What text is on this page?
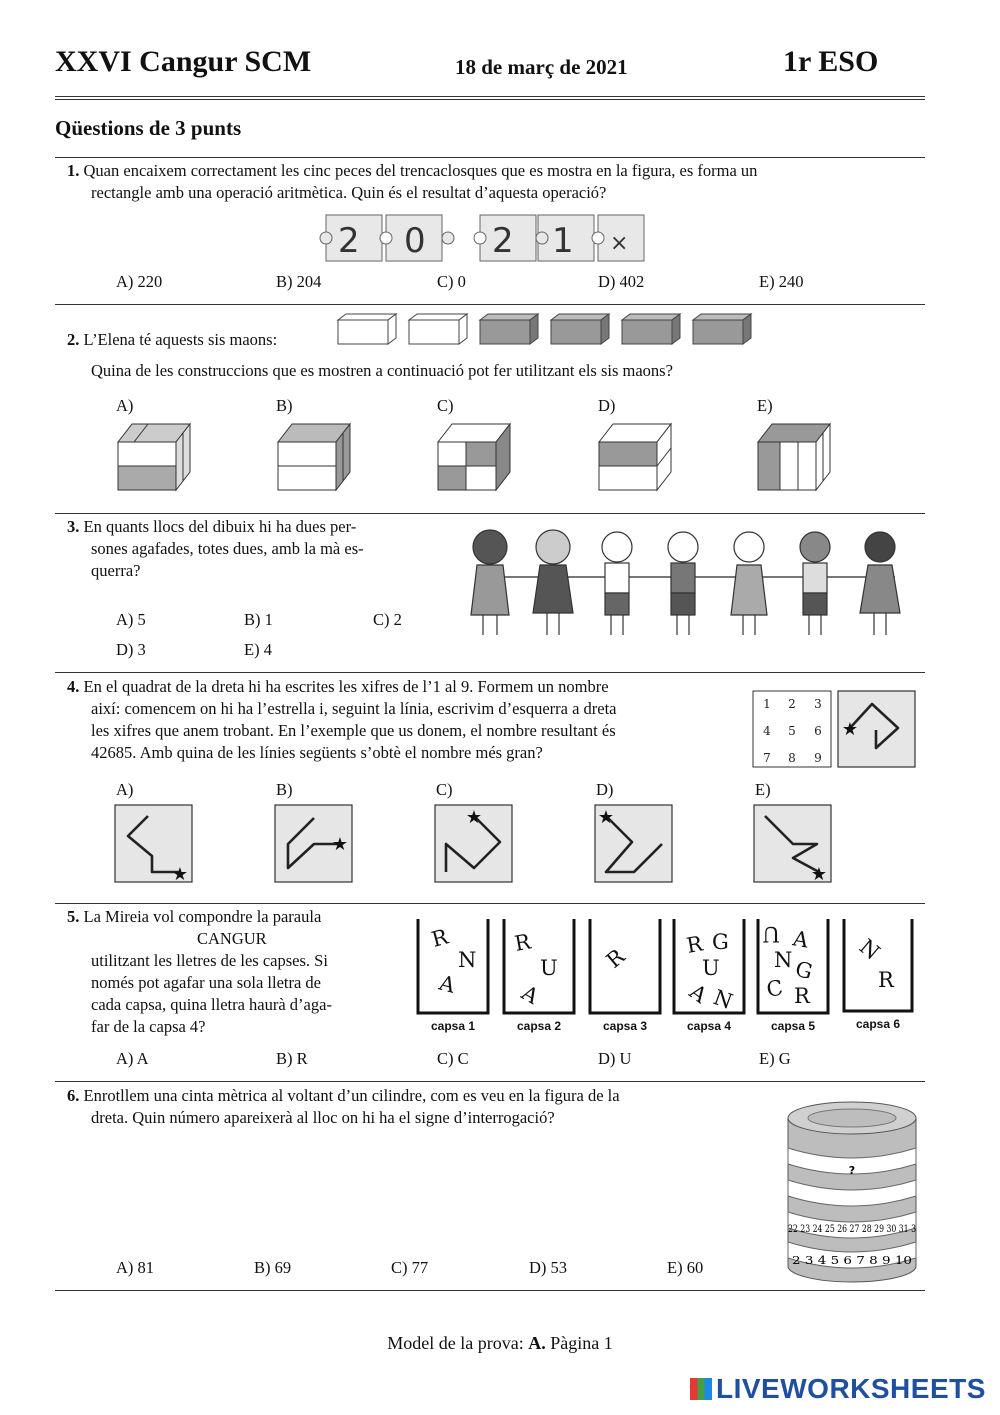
XXVI Cangur SCM	18 de març de 2021	1r ESO
Qüestions de 3 punts
1. Quan encaixem correctament les cinc peces del trencaclosques que es mostra en la figura, es forma un
rectangle amb una operació aritmètica. Quin és el resultat d’aquesta operació?
2 0 2 1 ×
A) 220	B) 204	C) 0	D) 402	E) 240
2. L’Elena té aquests sis maons:
Quina de les construccions que es mostren a continuació pot fer utilitzant els sis maons?
A)	B)	C)	D)	E)
3. En quants llocs del dibuix hi ha dues per-
sones agafades, totes dues, amb la mà es-
querra?
A) 5	B) 1	C) 2
D) 3	E) 4
4. En el quadrat de la dreta hi ha escrites les xifres de l’1 al 9. Formem un nombre
així: comencem on hi ha l’estrella i, seguint la línia, escrivim d’esquerra a dreta
les xifres que anem trobant. En l’exemple que us donem, el nombre resultant és
42685. Amb quina de les línies següents s’obtè el nombre més gran?
1 2 3
4 5 6
7 8 9
★
A)	B)	C)	D)	E)
★
★
★	★
★
5. La Mireia vol compondre la paraula
CANGUR
utilitzant les lletres de les capses. Si
només pot agafar una sola lletra de
cada capsa, quina lletra haurà d’aga-
far de la capsa 4?
R
N
A
R
U
A
R	R G
U
A
N
U A
N G
C R
N
R
capsa 1	capsa 2	capsa 3	capsa 4	capsa 5	capsa 6
A) A	B) R	C) C	D) U	E) G
6. Enrotllem una cinta mètrica al voltant d’un cilindre, com es veu en la figura de la
dreta. Quin número apareixerà al lloc on hi ha el signe d’interrogació?
?
22 23 24 25 26 27 28 29 30 31 3
2 3 4 5 6 7 8 9 10
A) 81	B) 69	C) 77	D) 53	E) 60
Model de la prova: A. Pàgina 1
LIVEWORKSHEETS
